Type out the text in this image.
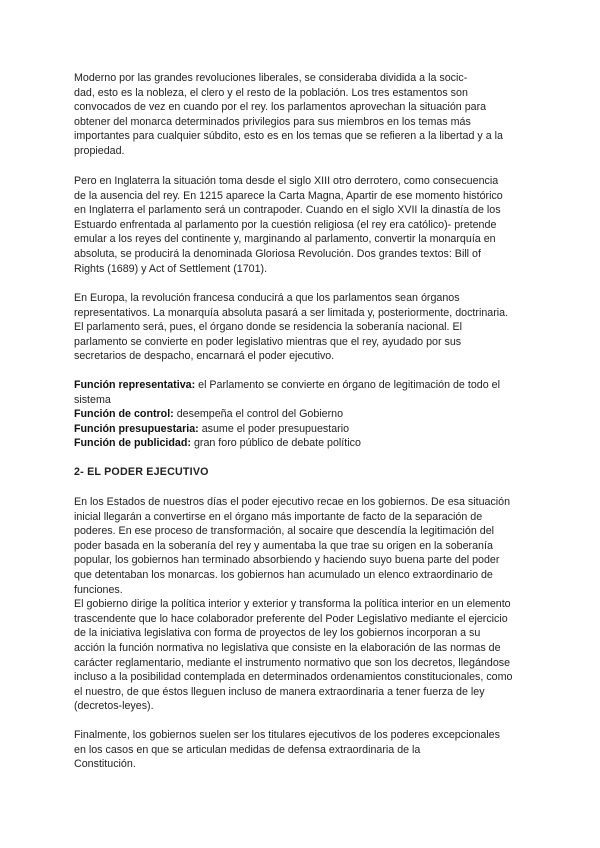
Moderno por las grandes revoluciones liberales, se consideraba dividida a la socic-
dad, esto es la nobleza, el clero y el resto de la población. Los tres estamentos son
convocados de vez en cuando por el rey. los parlamentos aprovechan la situación para
obtener del monarca determinados privilegios para sus miembros en los temas más
importantes para cualquier súbdito, esto es en los temas que se refieren a la libertad y a la
propiedad.
Pero en Inglaterra la situación toma desde el siglo XIII otro derrotero, como consecuencia
de la ausencia del rey. En 1215 aparece la Carta Magna, Apartir de ese momento histórico
en Inglaterra el parlamento será un contrapoder. Cuando en el siglo XVII la dinastía de los
Estuardo enfrentada al parlamento por la cuestión religiosa (el rey era católico)- pretende
emular a los reyes del continente y, marginando al parlamento, convertir la monarquía en
absoluta, se producirá la denominada Gloriosa Revolución. Dos grandes textos: Bill of
Rights (1689) y Act of Settlement (1701).
En Europa, la revolución francesa conducirá a que los parlamentos sean órganos
representativos. La monarquía absoluta pasará a ser limitada y, posteriormente, doctrinaria.
El parlamento será, pues, el órgano donde se residencia la soberanía nacional. El
parlamento se convierte en poder legislativo mientras que el rey, ayudado por sus
secretarios de despacho, encarnará el poder ejecutivo.
Función representativa: el Parlamento se convierte en órgano de legitimación de todo el
sistema
Función de control: desempeña el control del Gobierno
Función presupuestaria: asume el poder presupuestario
Función de publicidad: gran foro público de debate político
2- EL PODER EJECUTIVO
En los Estados de nuestros días el poder ejecutivo recae en los gobiernos. De esa situación
inicial llegarán a convertirse en el órgano más importante de facto de la separación de
poderes. En ese proceso de transformación, al socaire que descendía la legitimación del
poder basada en la soberanía del rey y aumentaba la que trae su origen en la soberanía
popular, los gobiernos han terminado absorbiendo y haciendo suyo buena parte del poder
que detentaban los monarcas. los gobiernos han acumulado un elenco extraordinario de
funciones.
El gobierno dirige la política interior y exterior y transforma la política interior en un elemento
trascendente que lo hace colaborador preferente del Poder Legislativo mediante el ejercicio
de la iniciativa legislativa con forma de proyectos de ley los gobiernos incorporan a su
acción la función normativa no legislativa que consiste en la elaboración de las normas de
carácter reglamentario, mediante el instrumento normativo que son los decretos, llegándose
incluso a la posibilidad contemplada en determinados ordenamientos constitucionales, como
el nuestro, de que éstos lleguen incluso de manera extraordinaria a tener fuerza de ley
(decretos-leyes).
Finalmente, los gobiernos suelen ser los titulares ejecutivos de los poderes excepcionales
en los casos en que se articulan medidas de defensa extraordinaria de la
Constitución.
